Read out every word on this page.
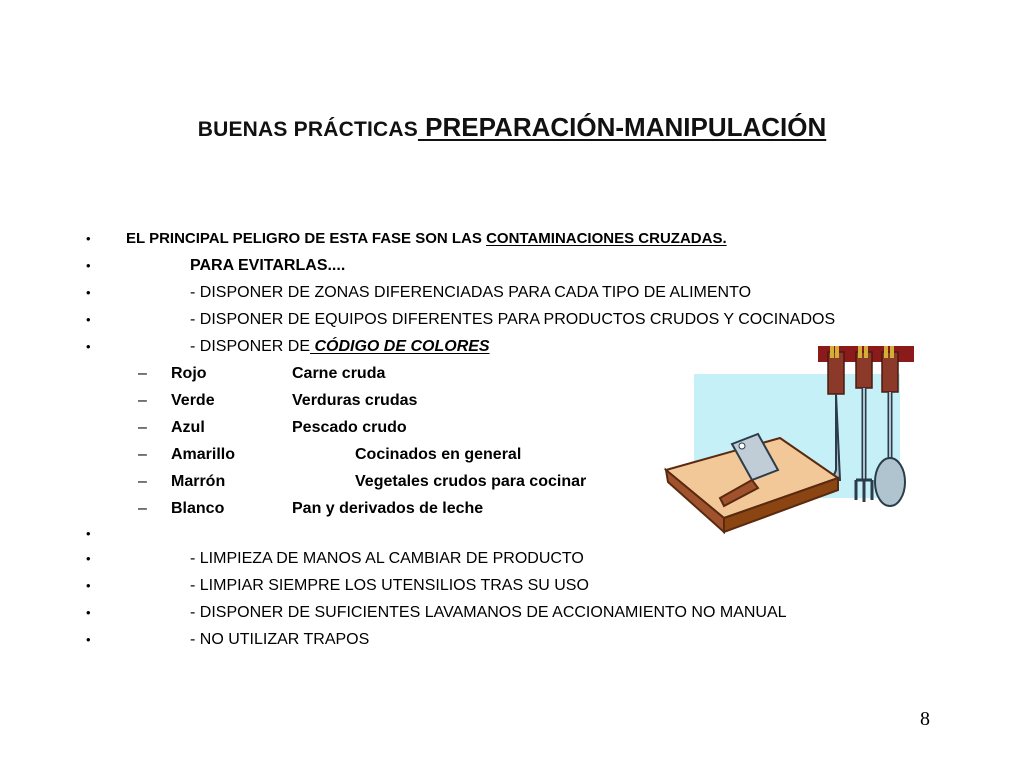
BUENAS PRÁCTICAS PREPARACIÓN-MANIPULACIÓN
• EL PRINCIPAL PELIGRO DE ESTA FASE SON LAS CONTAMINACIONES CRUZADAS.
•	PARA EVITARLAS....
•	- DISPONER DE ZONAS DIFERENCIADAS PARA CADA TIPO DE ALIMENTO
•	- DISPONER DE EQUIPOS DIFERENTES PARA PRODUCTOS CRUDOS Y COCINADOS
•	- DISPONER DE CÓDIGO DE COLORES
– Rojo	Carne cruda
– Verde	Verduras crudas
– Azul	Pescado crudo
– Amarillo	Cocinados en general
– Marrón	Vegetales crudos para cocinar
– Blanco	Pan y derivados de leche
•
•	- LIMPIEZA DE MANOS AL CAMBIAR DE PRODUCTO
•	- LIMPIAR SIEMPRE LOS UTENSILIOS TRAS SU USO
•	- DISPONER DE SUFICIENTES LAVAMANOS DE ACCIONAMIENTO NO MANUAL
•	- NO UTILIZAR TRAPOS
8
